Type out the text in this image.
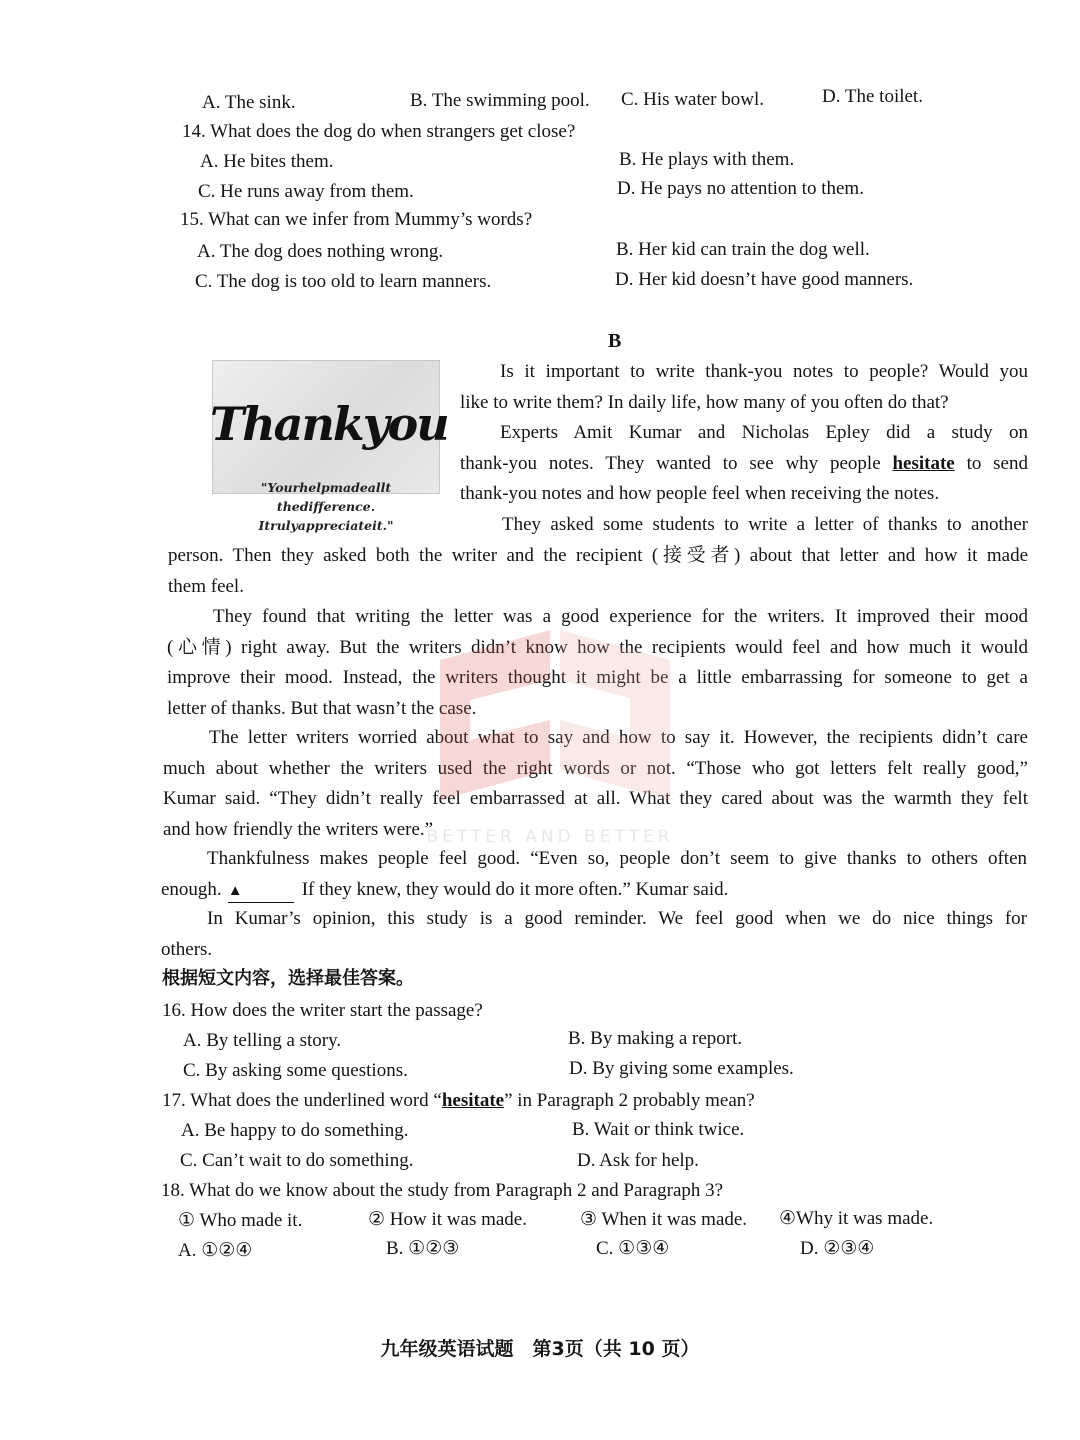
A. The sink.	B. The swimming pool. C. His water bowl.	D. The toilet.
14. What does the dog do when strangers get close?
A. He bites them.	B. He plays with them.
C. He runs away from them.	D. He pays no attention to them.
15. What can we infer from Mummy’s words?
A. The dog does nothing wrong.	B. Her kid can train the dog well.
C. The dog is too old to learn manners.	D. Her kid doesn’t have good manners.
B
Thankyou
"Yourhelpmadeallt
thedifference.
Itrulyappreciateit."
Is it important to write thank-you notes to people? Would you
like to write them? In daily life, how many of you often do that?
Experts Amit Kumar and Nicholas Epley did a study on
thank-you notes. They wanted to see why people hesitate to send
thank-you notes and how people feel when receiving the notes.
They asked some students to write a letter of thanks to another
person. Then they asked both the writer and the recipient (接受者) about that letter and how it made
them feel.
They found that writing the letter was a good experience for the writers. It improved their mood
(心情) right away. But the writers didn’t know how the recipients would feel and how much it would
improve their mood. Instead, the writers thought it might be a little embarrassing for someone to get a
letter of thanks. But that wasn’t the case.
The letter writers worried about what to say and how to say it. However, the recipients didn’t care
much about whether the writers used the right words or not. “Those who got letters felt really good,”
Kumar said. “They didn’t really feel embarrassed at all. What they cared about was the warmth they felt
and how friendly the writers were.”
Thankfulness makes people feel good. “Even so, people don’t seem to give thanks to others often
enough. ▲	If they knew, they would do it more often.” Kumar said.
In Kumar’s opinion, this study is a good reminder. We feel good when we do nice things for
others.
根据短文内容，选择最佳答案。
16. How does the writer start the passage?
A. By telling a story.	B. By making a report.
C. By asking some questions.	D. By giving some examples.
17. What does the underlined word “hesitate” in Paragraph 2 probably mean?
A. Be happy to do something.	B. Wait or think twice.
C. Can’t wait to do something.	D. Ask for help.
18. What do we know about the study from Paragraph 2 and Paragraph 3?
① Who made it.	② How it was made.	③ When it was made. ④Why it was made.
A. ①②④	B. ①②③	C. ①③④	D. ②③④
BETTER AND BETTER
九年级英语试题　第3页（共 10 页）
